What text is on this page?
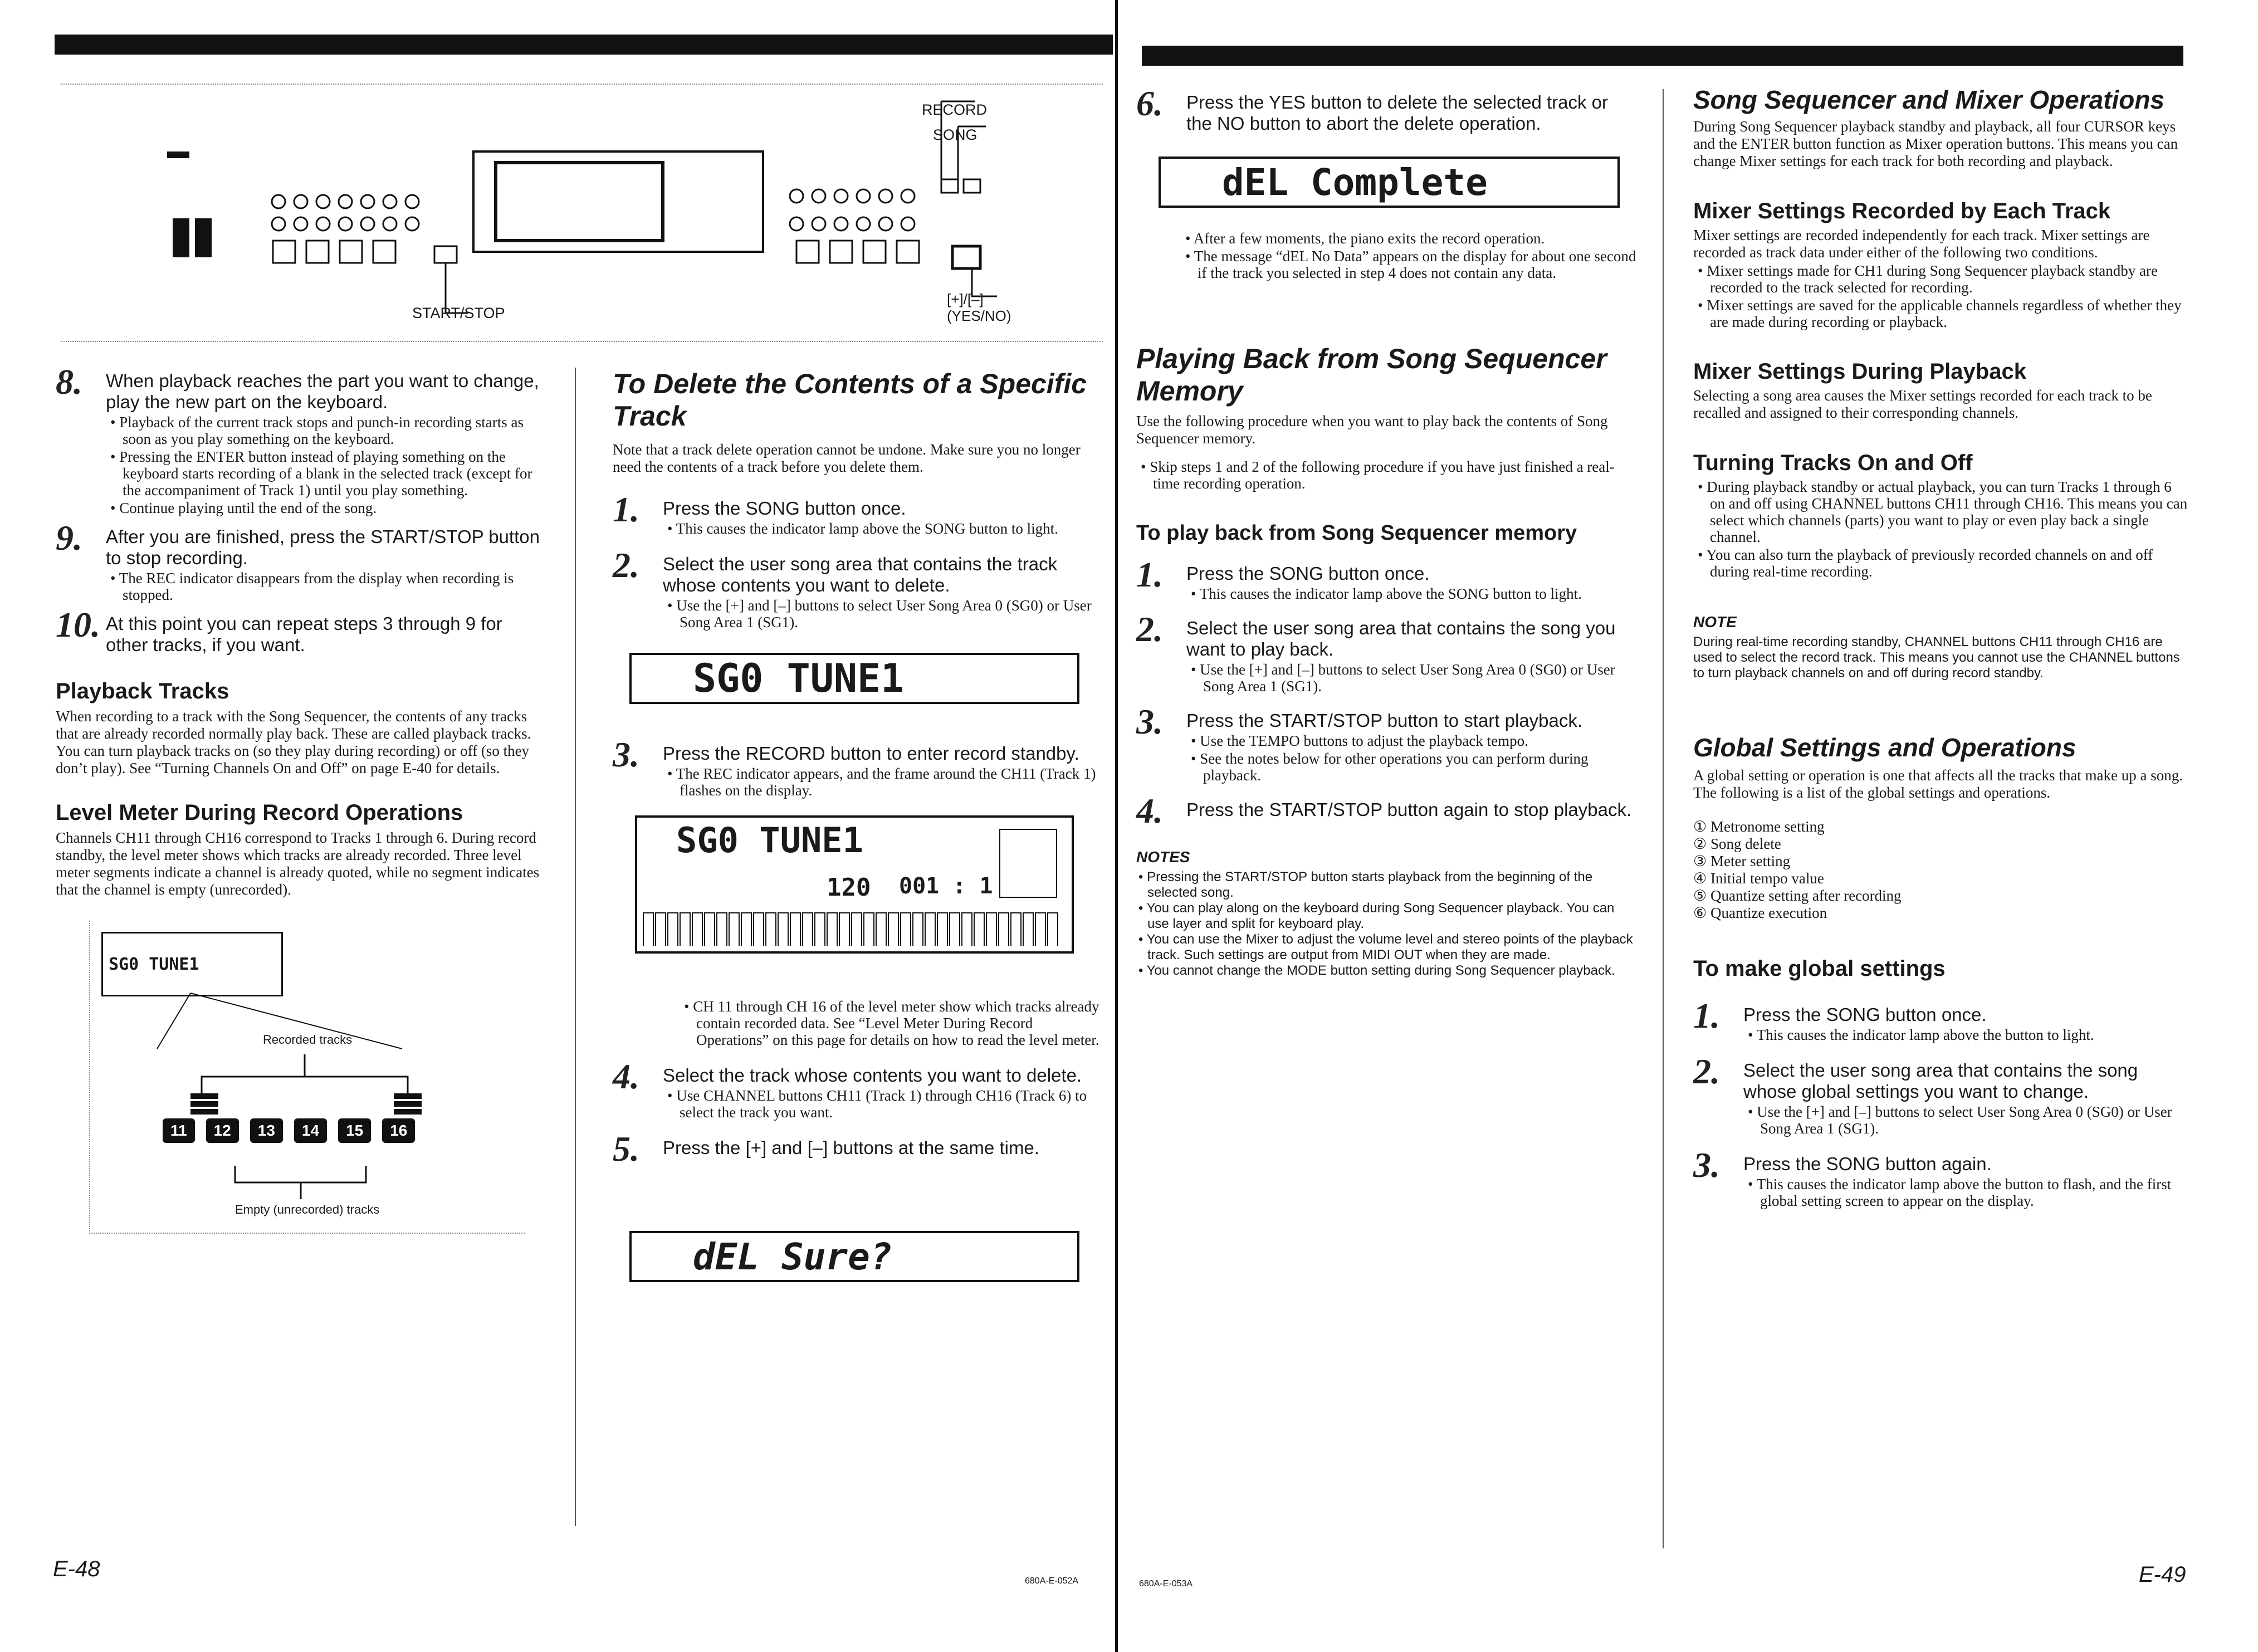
RECORD
SONG
START/STOP
[+]/[–]
(YES/NO)
8. When playback reaches the part you want to change, play the new part on the keyboard.
• Playback of the current track stops and punch-in recording starts as soon as you play something on the keyboard.
• Pressing the ENTER button instead of playing something on the keyboard starts recording of a blank in the selected track (except for the accompaniment of Track 1) until you play something.
• Continue playing until the end of the song.
9. After you are finished, press the START/STOP button to stop recording.
• The REC indicator disappears from the display when recording is stopped.
10. At this point you can repeat steps 3 through 9 for other tracks, if you want.
Playback Tracks
When recording to a track with the Song Sequencer, the contents of any tracks that are already recorded normally play back. These are called playback tracks. You can turn playback tracks on (so they play during recording) or off (so they don’t play). See “Turning Channels On and Off” on page E-40 for details.
Level Meter During Record Operations
Channels CH11 through CH16 correspond to Tracks 1 through 6. During record standby, the level meter shows which tracks are already recorded. Three level meter segments indicate a channel is already quoted, while no segment indicates that the channel is empty (unrecorded).
SG0 TUNE1
Recorded tracks
11	12	13	14	15	16
Empty (unrecorded) tracks
To Delete the Contents of a Specific Track
Note that a track delete operation cannot be undone. Make sure you no longer need the contents of a track before you delete them.
1. Press the SONG button once.
• This causes the indicator lamp above the SONG button to light.
2. Select the user song area that contains the track whose contents you want to delete.
• Use the [+] and [–] buttons to select User Song Area 0 (SG0) or User Song Area 1 (SG1).
SG0 TUNE1
3. Press the RECORD button to enter record standby.
• The REC indicator appears, and the frame around the CH11 (Track 1) flashes on the display.
SG0 TUNE1
120 001 : 1
• CH 11 through CH 16 of the level meter show which tracks already contain recorded data. See “Level Meter During Record Operations” on this page for details on how to read the level meter.
4. Select the track whose contents you want to delete.
• Use CHANNEL buttons CH11 (Track 1) through CH16 (Track 6) to select the track you want.
5. Press the [+] and [–] buttons at the same time.
dEL Sure?
E-48	680A-E-052A
6. Press the YES button to delete the selected track or the NO button to abort the delete operation.
dEL Complete
• After a few moments, the piano exits the record operation.
• The message “dEL No Data” appears on the display for about one second if the track you selected in step 4 does not contain any data.
Playing Back from Song Sequencer Memory
Use the following procedure when you want to play back the contents of Song Sequencer memory.
• Skip steps 1 and 2 of the following procedure if you have just finished a real-time recording operation.
To play back from Song Sequencer memory
1. Press the SONG button once.
• This causes the indicator lamp above the SONG button to light.
2. Select the user song area that contains the song you want to play back.
• Use the [+] and [–] buttons to select User Song Area 0 (SG0) or User Song Area 1 (SG1).
3. Press the START/STOP button to start playback.
• Use the TEMPO buttons to adjust the playback tempo.
• See the notes below for other operations you can perform during playback.
4. Press the START/STOP button again to stop playback.
NOTES
• Pressing the START/STOP button starts playback from the beginning of the selected song.
• You can play along on the keyboard during Song Sequencer playback. You can use layer and split for keyboard play.
• You can use the Mixer to adjust the volume level and stereo points of the playback track. Such settings are output from MIDI OUT when they are made.
• You cannot change the MODE button setting during Song Sequencer playback.
Song Sequencer and Mixer Operations
During Song Sequencer playback standby and playback, all four CURSOR keys and the ENTER button function as Mixer operation buttons. This means you can change Mixer settings for each track for both recording and playback.
Mixer Settings Recorded by Each Track
Mixer settings are recorded independently for each track. Mixer settings are recorded as track data under either of the following two conditions.
• Mixer settings made for CH1 during Song Sequencer playback standby are recorded to the track selected for recording.
• Mixer settings are saved for the applicable channels regardless of whether they are made during recording or playback.
Mixer Settings During Playback
Selecting a song area causes the Mixer settings recorded for each track to be recalled and assigned to their corresponding channels.
Turning Tracks On and Off
• During playback standby or actual playback, you can turn Tracks 1 through 6 on and off using CHANNEL buttons CH11 through CH16. This means you can select which channels (parts) you want to play or even play back a single channel.
• You can also turn the playback of previously recorded channels on and off during real-time recording.
NOTE
During real-time recording standby, CHANNEL buttons CH11 through CH16 are used to select the record track. This means you cannot use the CHANNEL buttons to turn playback channels on and off during record standby.
Global Settings and Operations
A global setting or operation is one that affects all the tracks that make up a song. The following is a list of the global settings and operations.
① Metronome setting
② Song delete
③ Meter setting
④ Initial tempo value
⑤ Quantize setting after recording
⑥ Quantize execution
To make global settings
1. Press the SONG button once.
• This causes the indicator lamp above the button to light.
2. Select the user song area that contains the song whose global settings you want to change.
• Use the [+] and [–] buttons to select User Song Area 0 (SG0) or User Song Area 1 (SG1).
3. Press the SONG button again.
• This causes the indicator lamp above the button to flash, and the first global setting screen to appear on the display.
680A-E-053A	E-49
